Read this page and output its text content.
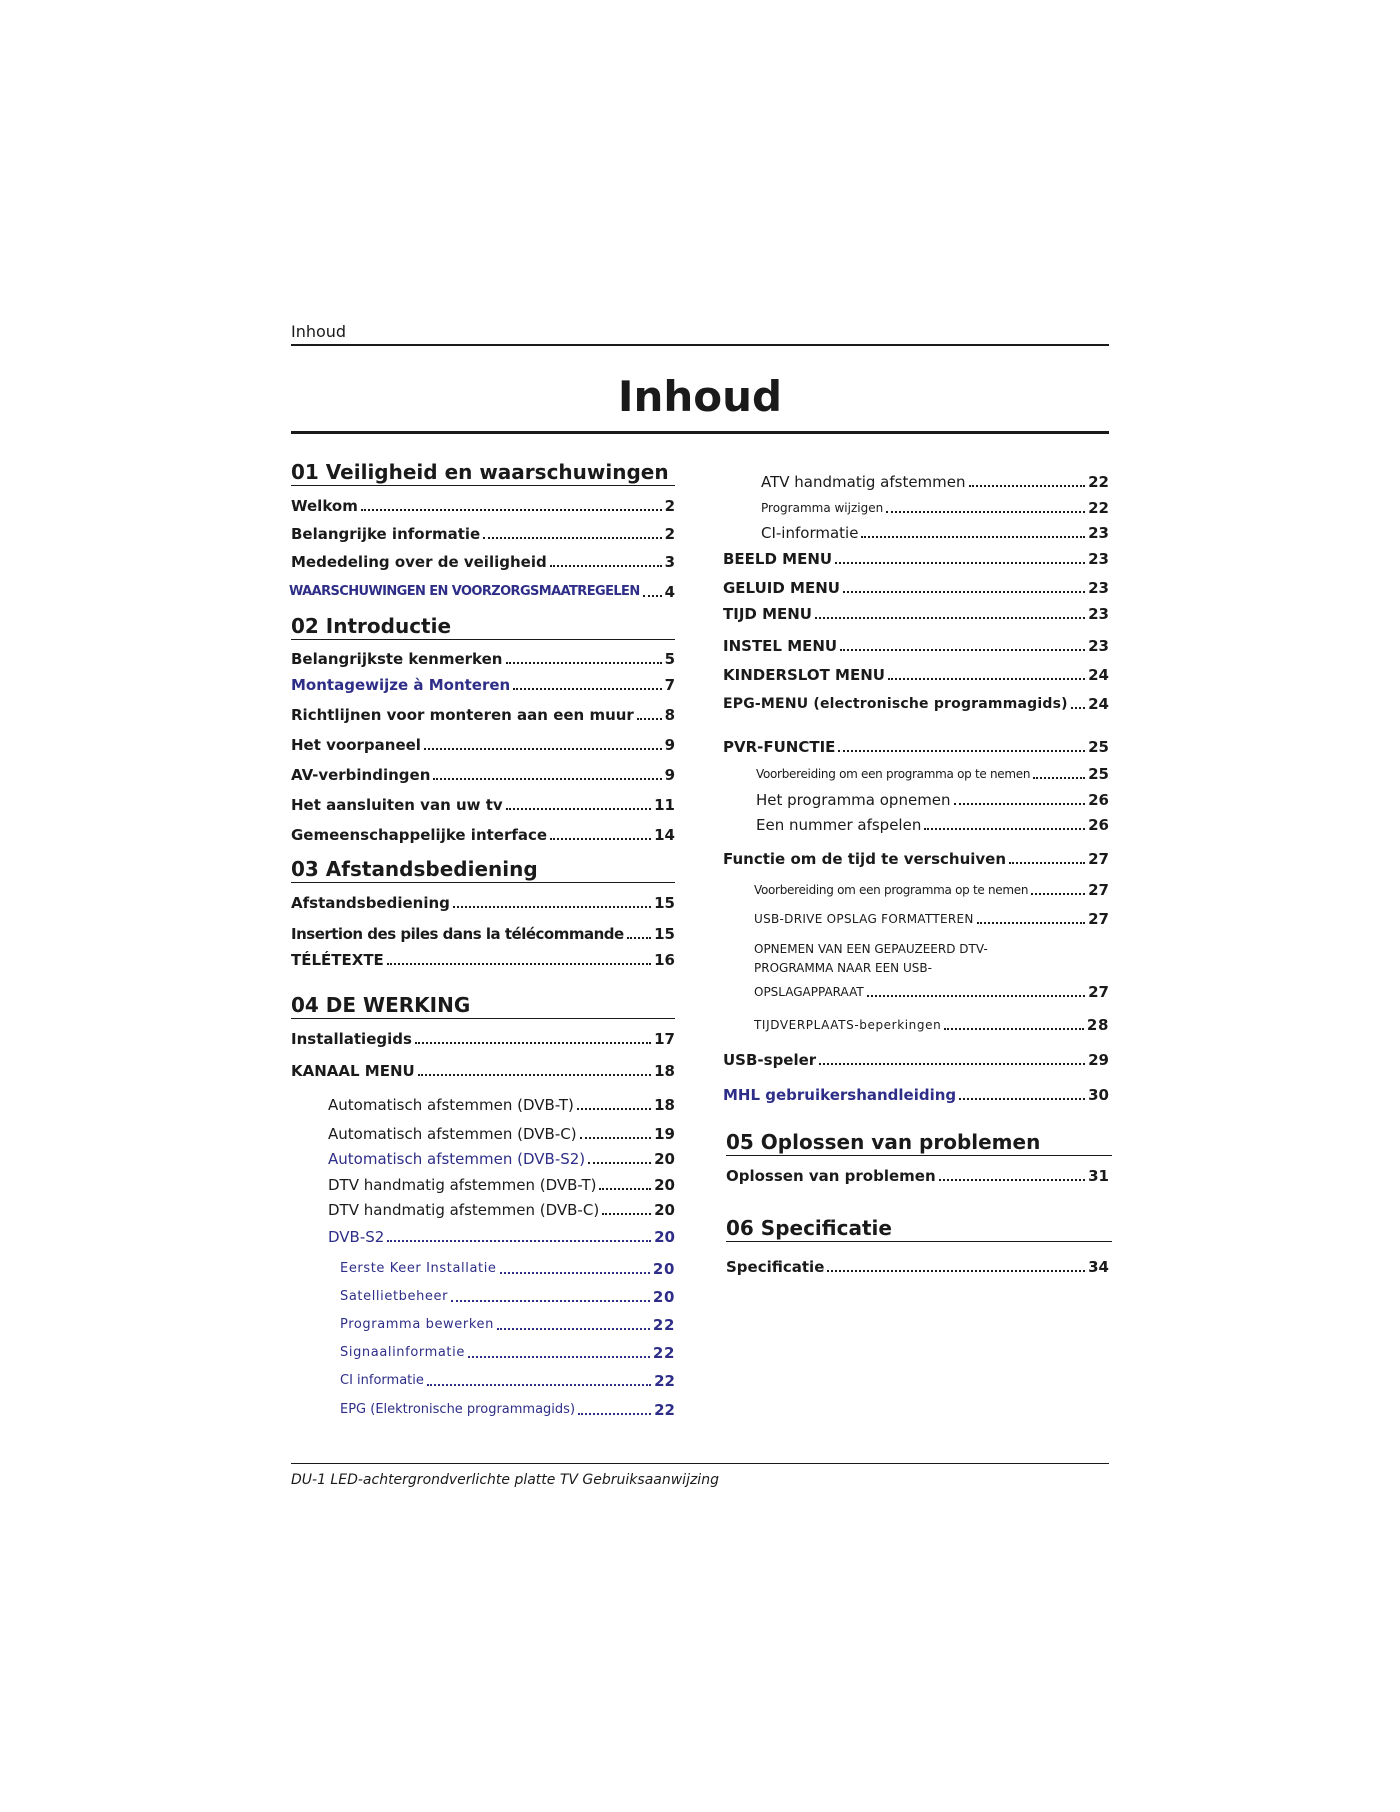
Inhoud
Inhoud
01 Veiligheid en waarschuwingen
Welkom	2
Belangrijke informatie	2
Mededeling over de veiligheid	3
WAARSCHUWINGEN EN VOORZORGSMAATREGELEN 4
02 Introductie
Belangrijkste kenmerken	5
Montagewijze à Monteren	7
Richtlijnen voor monteren aan een muur 8
Het voorpaneel	9
AV-verbindingen	9
Het aansluiten van uw tv	11
Gemeenschappelijke interface	14
03 Afstandsbediening
Afstandsbediening	15
Insertion des piles dans la télécommande 15
TÉLÉTEXTE	16
04 DE WERKING
Installatiegids	17
KANAAL MENU	18
Automatisch afstemmen (DVB-T)	18
Automatisch afstemmen (DVB-C)	19
Automatisch afstemmen (DVB-S2)	20
DTV handmatig afstemmen (DVB-T)	20
DTV handmatig afstemmen (DVB-C)	20
DVB-S2	20
Eerste Keer Installatie	20
Satellietbeheer	20
Programma bewerken	22
Signaalinformatie	22
CI informatie	22
EPG (Elektronische programmagids)	22
ATV handmatig afstemmen	22
Programma wijzigen	22
CI-informatie	23
BEELD MENU	23
GELUID MENU	23
TIJD MENU	23
INSTEL MENU	23
KINDERSLOT MENU	24
EPG-MENU (electronische programmagids) 24
PVR-FUNCTIE	25
Voorbereiding om een programma op te nemen	25
Het programma opnemen	26
Een nummer afspelen	26
Functie om de tijd te verschuiven	27
Voorbereiding om een programma op te nemen	27
USB-DRIVE OPSLAG FORMATTEREN	27
OPNEMEN VAN EEN GEPAUZEERD DTV-
PROGRAMMA NAAR EEN USB-
OPSLAGAPPARAAT	27
TIJDVERPLAATS-beperkingen	28
USB-speler	29
MHL gebruikershandleiding	30
05 Oplossen van problemen
Oplossen van problemen	31
06 Specificatie
Specificatie	34
DU-1 LED-achtergrondverlichte platte TV Gebruiksaanwijzing
